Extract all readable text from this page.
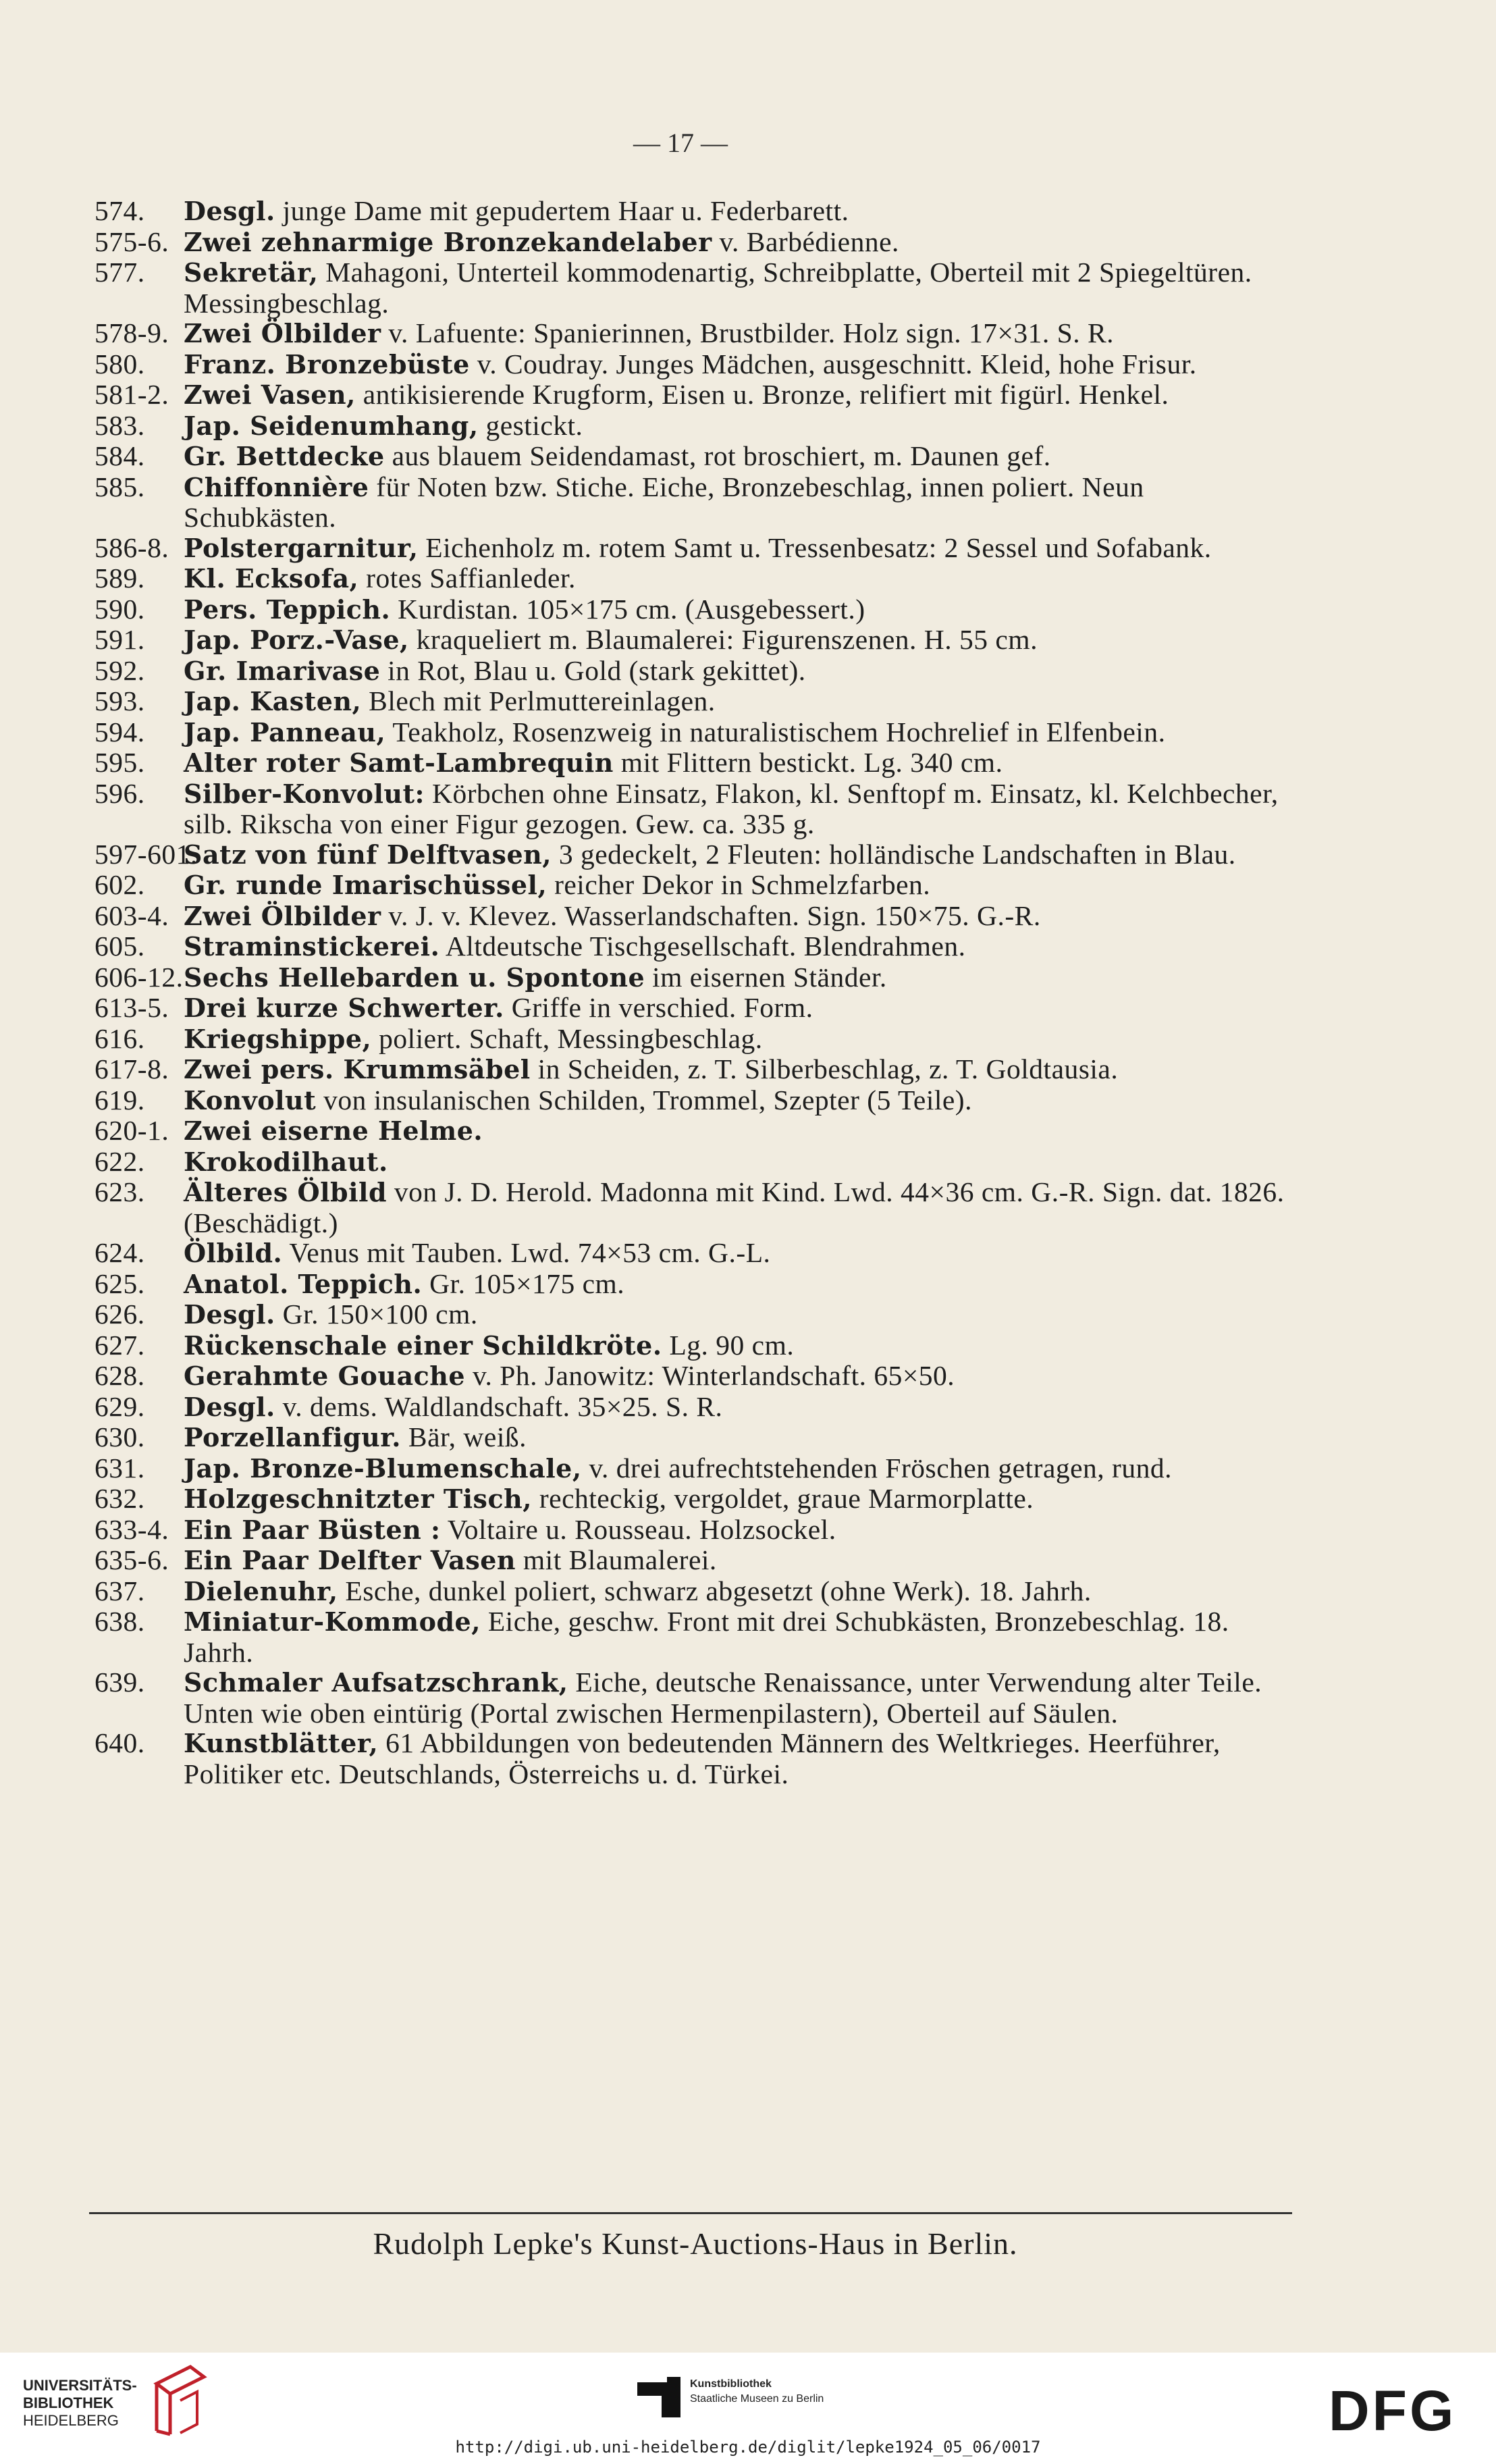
— 17 —
574. Desgl. junge Dame mit gepudertem Haar u. Federbarett.
575-6. Zwei zehnarmige Bronzekandelaber v. Barbédienne.
577. Sekretär, Mahagoni, Unterteil kommodenartig, Schreibplatte, Oberteil mit 2 Spiegeltüren. Messingbeschlag.
578-9. Zwei Ölbilder v. Lafuente: Spanierinnen, Brustbilder. Holz sign. 17×31. S. R.
580. Franz. Bronzebüste v. Coudray. Junges Mädchen, ausgeschnitt. Kleid, hohe Frisur.
581-2. Zwei Vasen, antikisierende Krugform, Eisen u. Bronze, relifiert mit figürl. Henkel.
583. Jap. Seidenumhang, gestickt.
584. Gr. Bettdecke aus blauem Seidendamast, rot broschiert, m. Daunen gef.
585. Chiffonnière für Noten bzw. Stiche. Eiche, Bronzebeschlag, innen poliert. Neun Schubkästen.
586-8. Polstergarnitur, Eichenholz m. rotem Samt u. Tressenbesatz: 2 Sessel und Sofabank.
589. Kl. Ecksofa, rotes Saffianleder.
590. Pers. Teppich. Kurdistan. 105×175 cm. (Ausgebessert.)
591. Jap. Porz.-Vase, kraqueliert m. Blaumalerei: Figurenszenen. H. 55 cm.
592. Gr. Imarivase in Rot, Blau u. Gold (stark gekittet).
593. Jap. Kasten, Blech mit Perlmuttereinlagen.
594. Jap. Panneau, Teakholz, Rosenzweig in naturalistischem Hochrelief in Elfenbein.
595. Alter roter Samt-Lambrequin mit Flittern bestickt. Lg. 340 cm.
596. Silber-Konvolut: Körbchen ohne Einsatz, Flakon, kl. Senftopf m. Einsatz, kl. Kelchbecher, silb. Rikscha von einer Figur gezogen. Gew. ca. 335 g.
597-601.
Satz von fünf Delftvasen, 3 gedeckelt, 2 Fleuten: holländische Landschaften in Blau.
602. Gr. runde Imarischüssel, reicher Dekor in Schmelzfarben.
603-4. Zwei Ölbilder v. J. v. Klevez. Wasserlandschaften. Sign. 150×75. G.-R.
605. Straminstickerei. Altdeutsche Tischgesellschaft. Blendrahmen.
606-12. Sechs Hellebarden u. Spontone im eisernen Ständer.
613-5. Drei kurze Schwerter. Griffe in verschied. Form.
616. Kriegshippe, poliert. Schaft, Messingbeschlag.
617-8. Zwei pers. Krummsäbel in Scheiden, z. T. Silberbeschlag, z. T. Goldtausia.
619. Konvolut von insulanischen Schilden, Trommel, Szepter (5 Teile).
620-1. Zwei eiserne Helme.
622. Krokodilhaut.
623. Älteres Ölbild von J. D. Herold. Madonna mit Kind. Lwd. 44×36 cm. G.-R. Sign. dat. 1826. (Beschädigt.)
624. Ölbild. Venus mit Tauben. Lwd. 74×53 cm. G.-L.
625. Anatol. Teppich. Gr. 105×175 cm.
626. Desgl. Gr. 150×100 cm.
627. Rückenschale einer Schildkröte. Lg. 90 cm.
628. Gerahmte Gouache v. Ph. Janowitz: Winterlandschaft. 65×50.
629. Desgl. v. dems. Waldlandschaft. 35×25. S. R.
630. Porzellanfigur. Bär, weiß.
631. Jap. Bronze-Blumenschale, v. drei aufrechtstehenden Fröschen getragen, rund.
632. Holzgeschnitzter Tisch, rechteckig, vergoldet, graue Marmorplatte.
633-4. Ein Paar Büsten : Voltaire u. Rousseau. Holzsockel.
635-6. Ein Paar Delfter Vasen mit Blaumalerei.
637. Dielenuhr, Esche, dunkel poliert, schwarz abgesetzt (ohne Werk). 18. Jahrh.
638. Miniatur-Kommode, Eiche, geschw. Front mit drei Schubkästen, Bronzebeschlag. 18. Jahrh.
639. Schmaler Aufsatzschrank, Eiche, deutsche Renaissance, unter Verwendung alter Teile. Unten wie oben eintürig (Portal zwischen Hermenpilastern), Oberteil auf Säulen.
640. Kunstblätter, 61 Abbildungen von bedeutenden Männern des Weltkrieges. Heerführer, Politiker etc. Deutschlands, Österreichs u. d. Türkei.
Rudolph Lepke's Kunst-Auctions-Haus in Berlin.
UNIVERSITÄTS-
BIBLIOTHEK
HEIDELBERG
Kunstbibliothek
Staatliche Museen zu Berlin	DFG
http://digi.ub.uni-heidelberg.de/diglit/lepke1924_05_06/0017
